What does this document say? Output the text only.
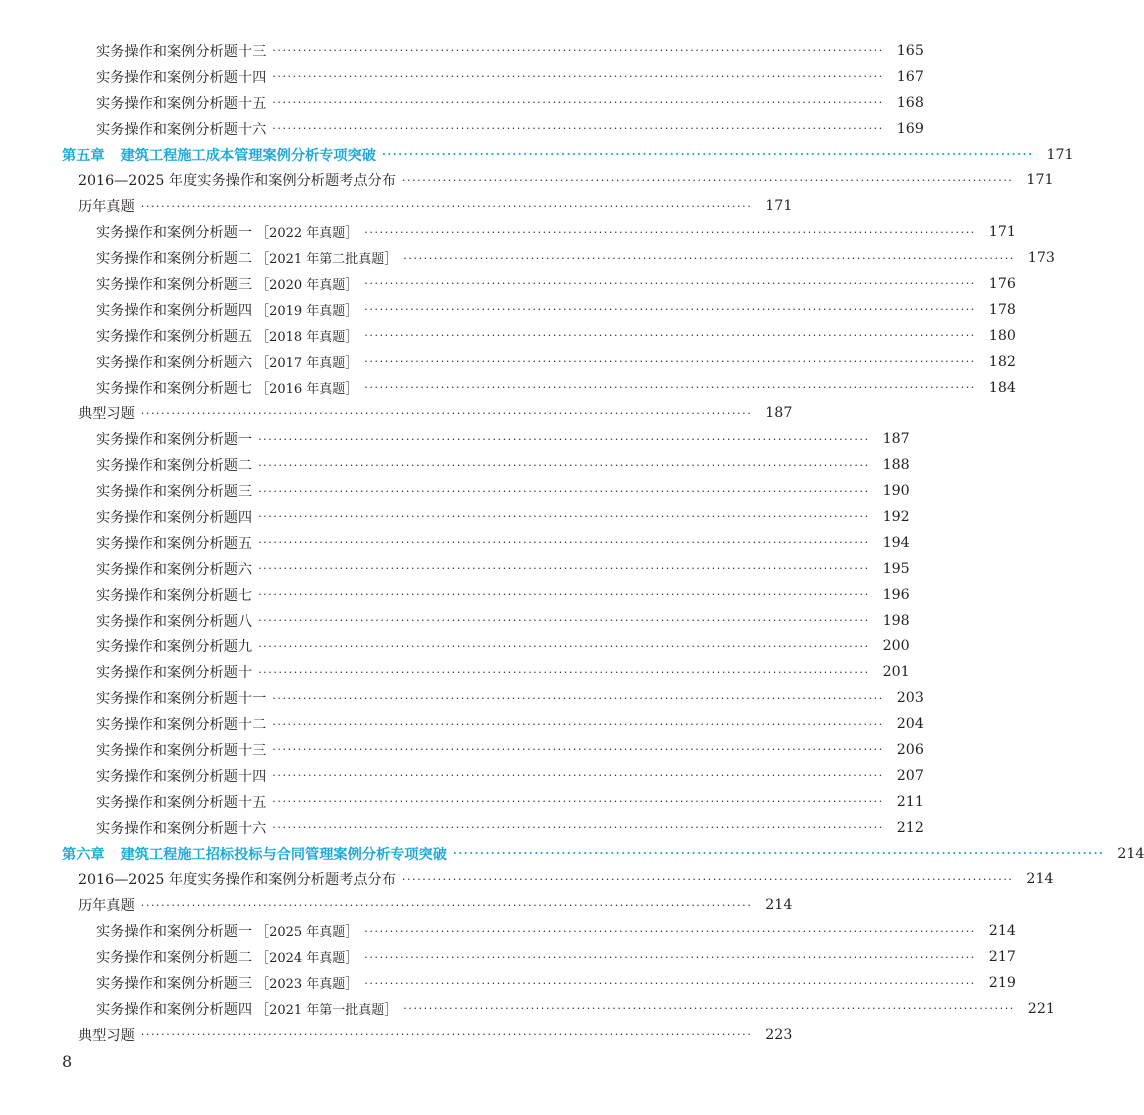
实务操作和案例分析题十三 ························································································································ 165
实务操作和案例分析题十四 ························································································································ 167
实务操作和案例分析题十五 ························································································································ 168
实务操作和案例分析题十六 ························································································································ 169
第五章 建筑工程施工成本管理案例分析专项突破 ························································································································ 171
2016—2025 年度实务操作和案例分析题考点分布 ························································································································ 171
历年真题 ························································································································ 171
实务操作和案例分析题一 ［2022 年真题］ ························································································································ 171
实务操作和案例分析题二 ［2021 年第二批真题］ ························································································································ 173
实务操作和案例分析题三 ［2020 年真题］ ························································································································ 176
实务操作和案例分析题四 ［2019 年真题］ ························································································································ 178
实务操作和案例分析题五 ［2018 年真题］ ························································································································ 180
实务操作和案例分析题六 ［2017 年真题］ ························································································································ 182
实务操作和案例分析题七 ［2016 年真题］ ························································································································ 184
典型习题 ························································································································ 187
实务操作和案例分析题一 ························································································································ 187
实务操作和案例分析题二 ························································································································ 188
实务操作和案例分析题三 ························································································································ 190
实务操作和案例分析题四 ························································································································ 192
实务操作和案例分析题五 ························································································································ 194
实务操作和案例分析题六 ························································································································ 195
实务操作和案例分析题七 ························································································································ 196
实务操作和案例分析题八 ························································································································ 198
实务操作和案例分析题九 ························································································································ 200
实务操作和案例分析题十 ························································································································ 201
实务操作和案例分析题十一 ························································································································ 203
实务操作和案例分析题十二 ························································································································ 204
实务操作和案例分析题十三 ························································································································ 206
实务操作和案例分析题十四 ························································································································ 207
实务操作和案例分析题十五 ························································································································ 211
实务操作和案例分析题十六 ························································································································ 212
第六章 建筑工程施工招标投标与合同管理案例分析专项突破 ························································································································ 214
2016—2025 年度实务操作和案例分析题考点分布 ························································································································ 214
历年真题 ························································································································ 214
实务操作和案例分析题一 ［2025 年真题］ ························································································································ 214
实务操作和案例分析题二 ［2024 年真题］ ························································································································ 217
实务操作和案例分析题三 ［2023 年真题］ ························································································································ 219
实务操作和案例分析题四 ［2021 年第一批真题］ ························································································································ 221
典型习题 ························································································································ 223
8
